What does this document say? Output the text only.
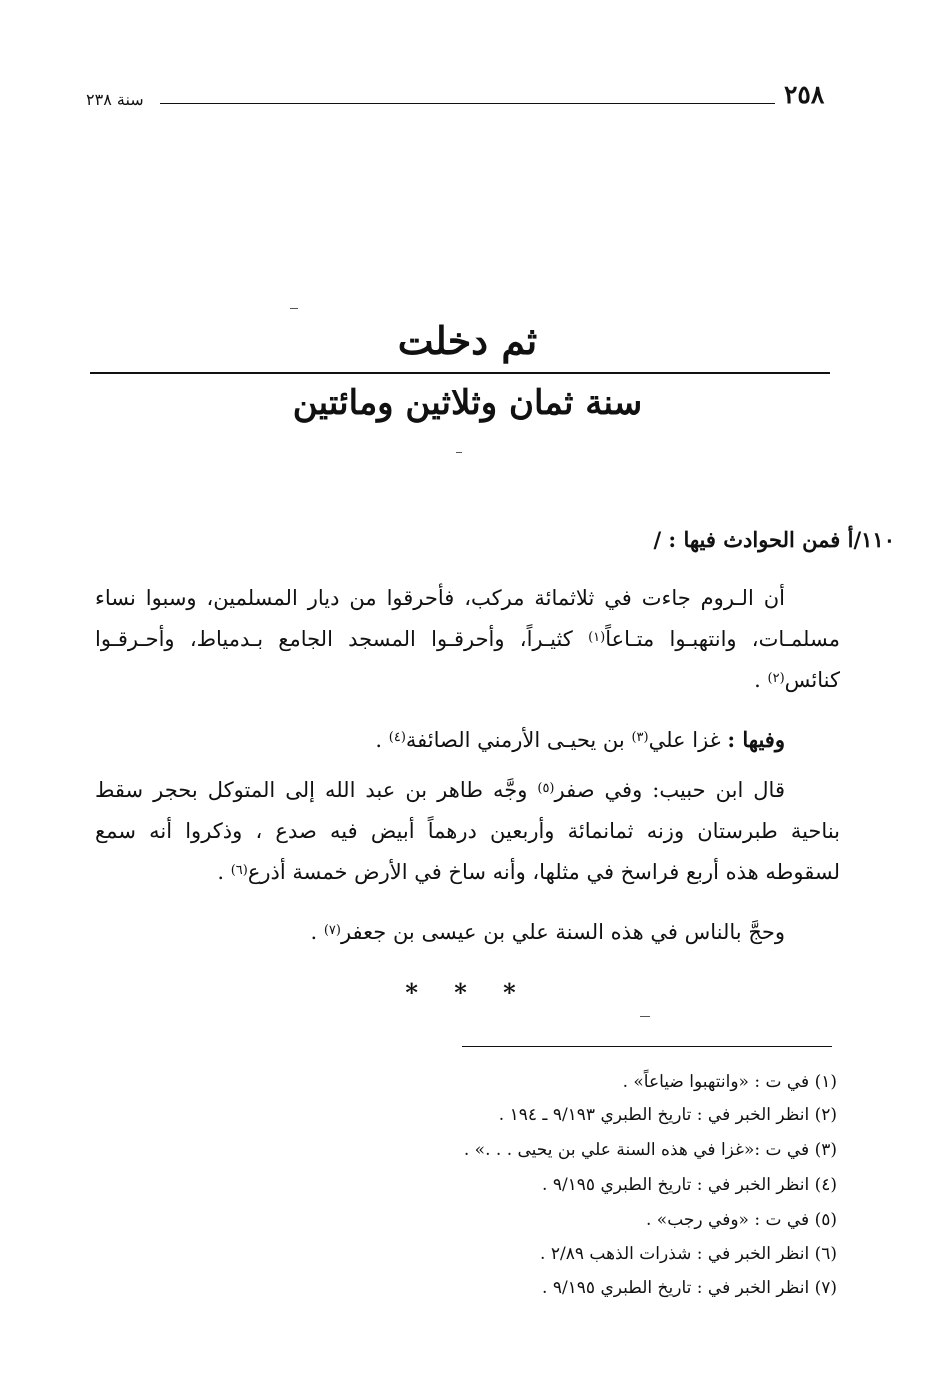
٢٥٨
سنة ٢٣٨
ثم دخلت
سنة ثمان وثلاثين ومائتين
١١٠/أ فمن الحوادث فيها : /
أن الـروم جاءت في ثلاثمائة مركب، فأحرقوا من ديار المسلمين، وسبوا نساء مسلمـات، وانتهبـوا متـاعاً$^{(١)}$ كثيـراً، وأحرقـوا المسجد الجامع بـدمياط، وأحـرقـوا كنائس$^{(٢)}$ .
وفيها : غزا علي$^{(٣)}$ بن يحيـى الأرمني الصائفة$^{(٤)}$ .
قال ابن حبيب: وفي صفر$^{(٥)}$ وجَّه طاهر بن عبد الله إلى المتوكل بحجر سقط بناحية طبرستان وزنه ثمانمائة وأربعين درهماً أبيض فيه صدع ، وذكروا أنه سمع لسقوطه هذه أربع فراسخ في مثلها، وأنه ساخ في الأرض خمسة أذرع$^{(٦)}$ .
وحجَّ بالناس في هذه السنة علي بن عيسى بن جعفر$^{(٧)}$ .
* * *
(١) في ت : «وانتهبوا ضياعاً» .
(٢) انظر الخبر في : تاريخ الطبري ٩/١٩٣ ـ ١٩٤ .
(٣) في ت :«غزا في هذه السنة علي بن يحيى . . .» .
(٤) انظر الخبر في : تاريخ الطبري ٩/١٩٥ .
(٥) في ت : «وفي رجب» .
(٦) انظر الخبر في : شذرات الذهب ٢/٨٩ .
(٧) انظر الخبر في : تاريخ الطبري ٩/١٩٥ .
